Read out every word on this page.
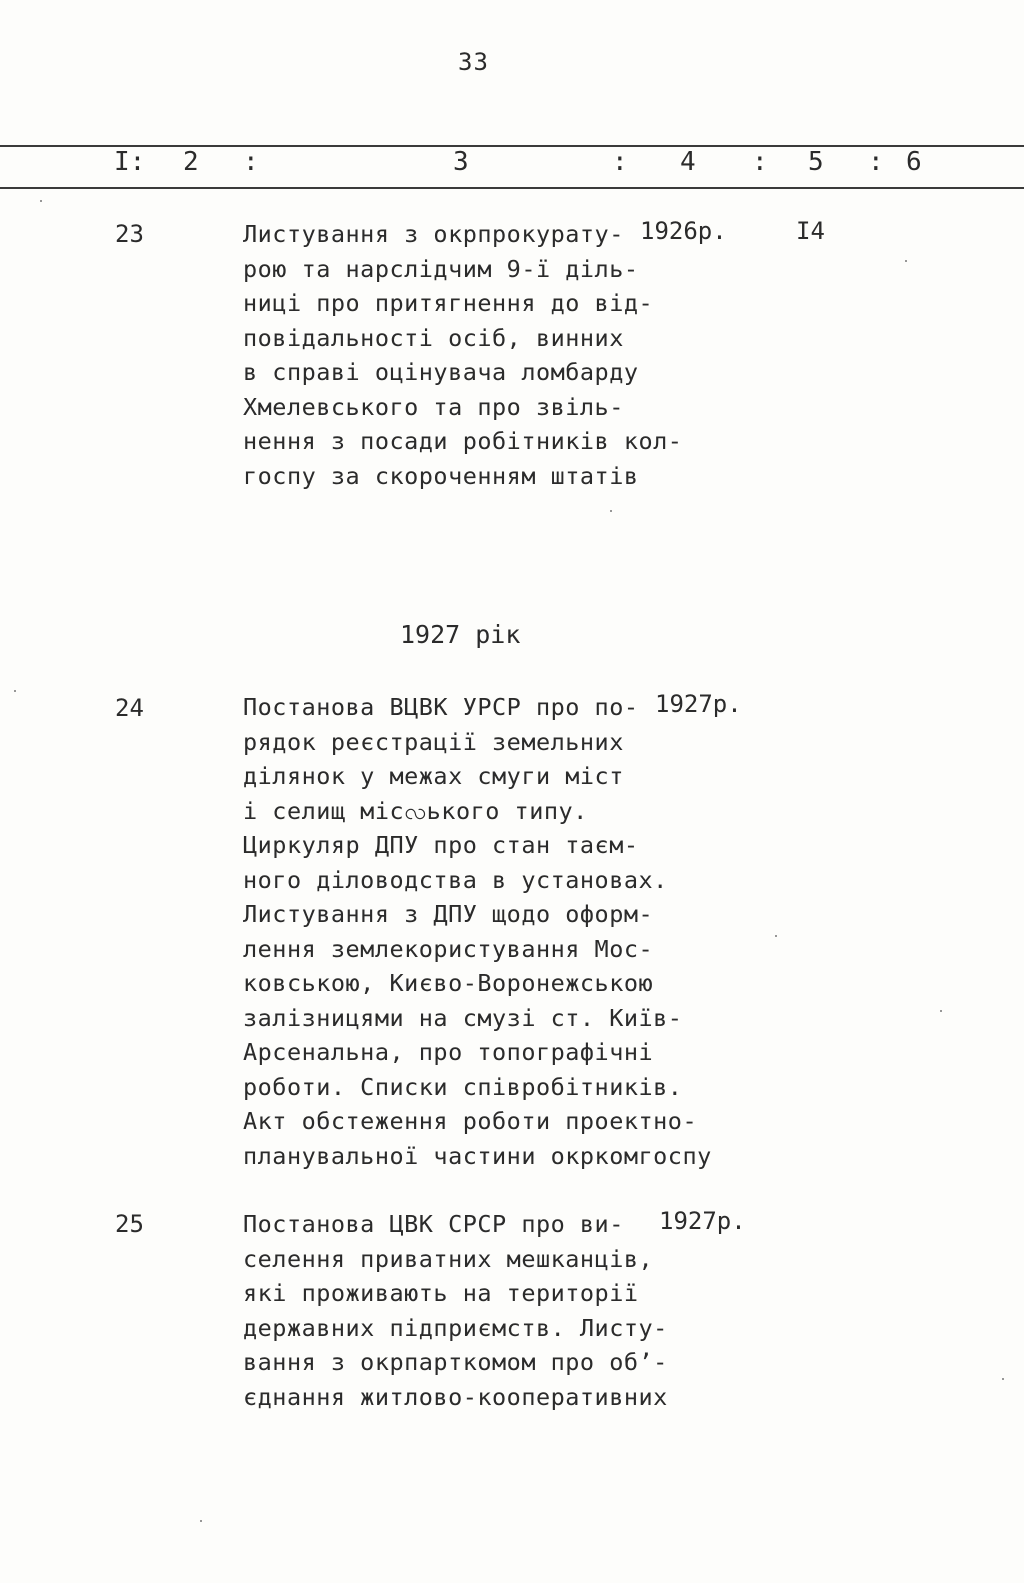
33
I: 2 :	3	: 4 : 5 : 6
23	Листування з окрпрокурату-
рою та нарслідчим 9-ї діль-
ниці про притягнення до від-
повідальності осіб, винних
в справі оцінувача ломбарду
Хмелевського та про звіль-
нення з посади робітників кол-
госпу за скороченням штатів
1926р.	I4
1927 рік
24	Постанова ВЦВК УРСР про по-
рядок реєстрації земельних
ділянок у межах смуги міст
і селищ місလького типу.
Циркуляр ДПУ про стан таєм-
ного діловодства в установах.
Листування з ДПУ щодо оформ-
лення землекористування Мос-
ковською, Києво-Воронежською
залізницями на смузі ст. Київ-
Арсенальна, про топографічні
роботи. Списки співробітників.
Акт обстеження роботи проектно-
планувальної частини окркомгоспу
1927р.
25	Постанова ЦВК СРСР про ви-
селення приватних мешканців,
які проживають на території
державних підприємств. Листу-
вання з окрпарткомом про об’-
єднання житлово-кооперативних
1927р.
